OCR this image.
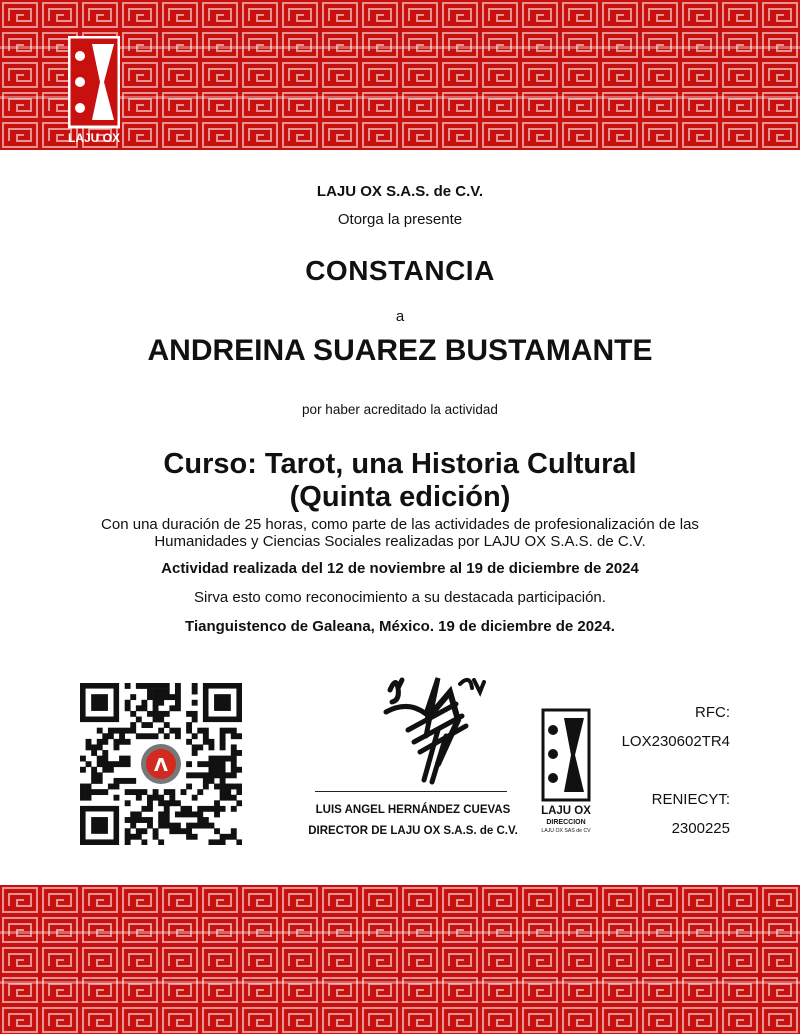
LAJU OX
LAJU OX S.A.S. de C.V.
Otorga la presente
CONSTANCIA
a
ANDREINA SUAREZ BUSTAMANTE
por haber acreditado la actividad
Curso: Tarot, una Historia Cultural
(Quinta edición)
Con una duración de 25 horas, como parte de las actividades de profesionalización de las
Humanidades y Ciencias Sociales realizadas por LAJU OX S.A.S. de C.V.
Actividad realizada del 12 de noviembre al 19 de diciembre de 2024
Sirva esto como reconocimiento a su destacada participación.
Tianguistenco de Galeana, México. 19 de diciembre de 2024.
Λ
LUIS ANGEL HERNÁNDEZ CUEVAS
DIRECTOR DE LAJU OX S.A.S. de C.V.
LAJU OX
DIRECCION
LAJU OX SAS de CV
RFC:
LOX230602TR4
RENIECYT:
2300225
